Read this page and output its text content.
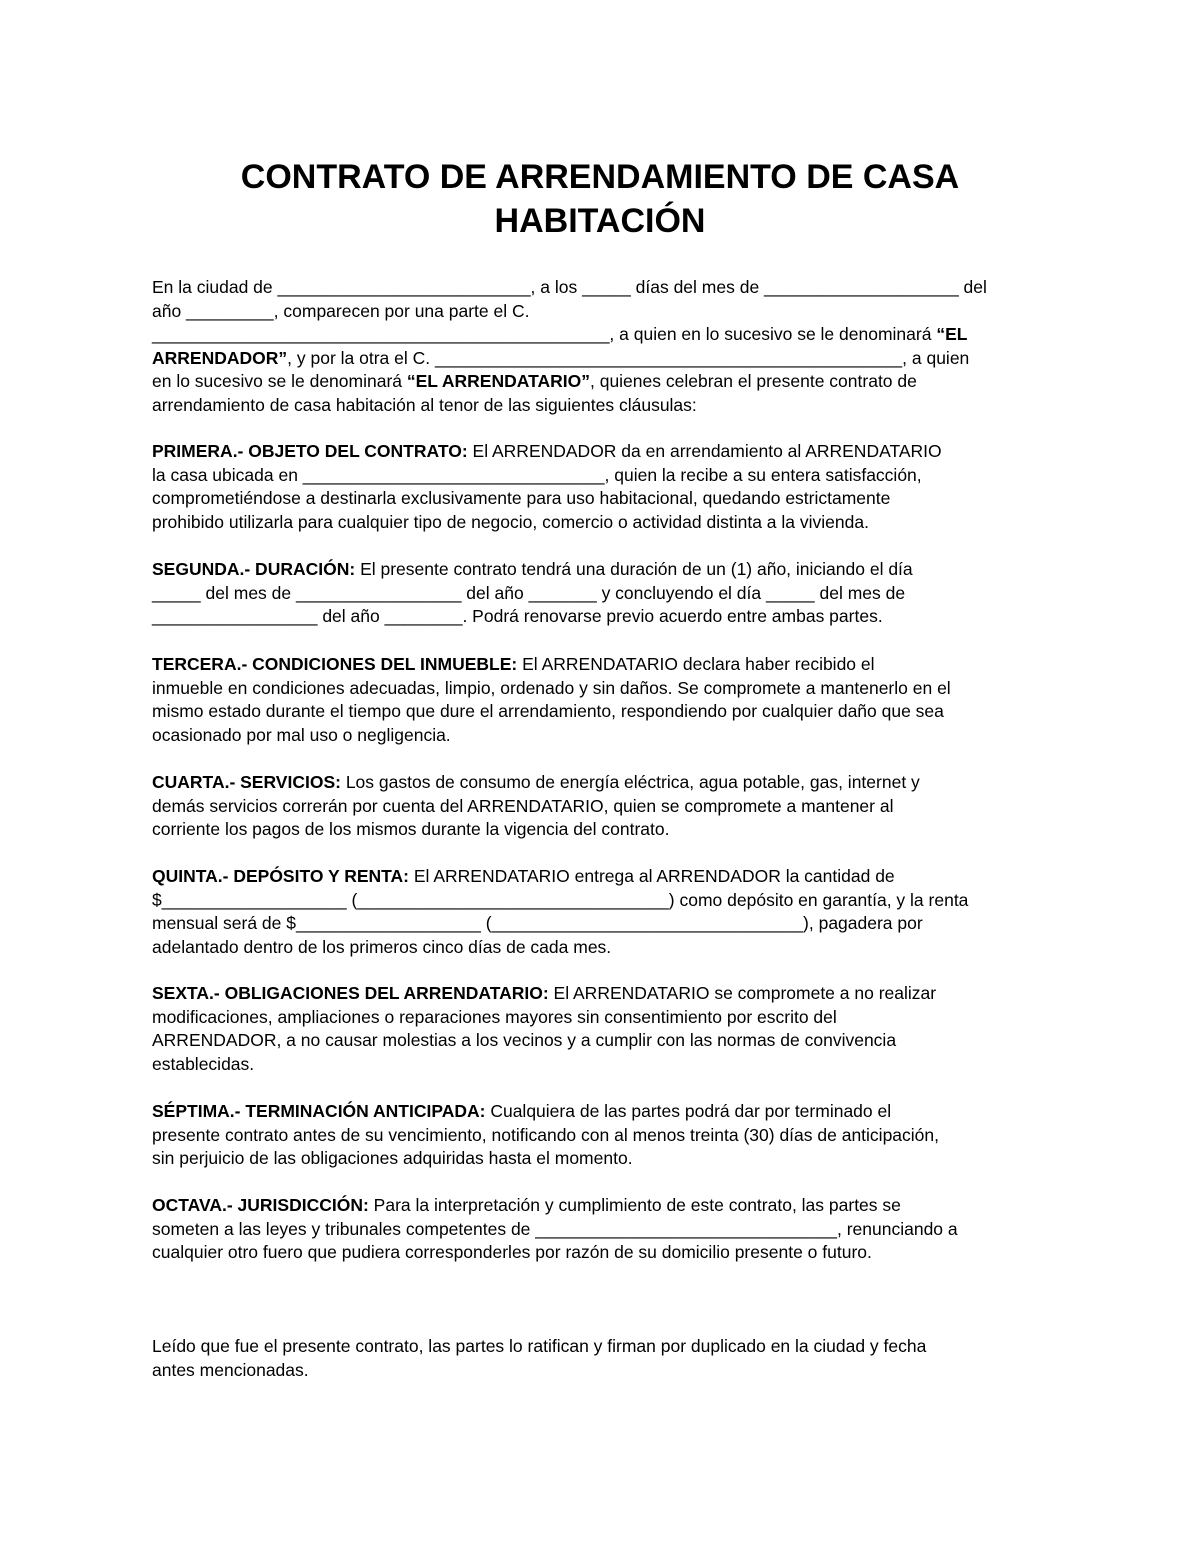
CONTRATO DE ARRENDAMIENTO DE CASA
HABITACIÓN

En la ciudad de __________________________, a los _____ días del mes de ____________________ del
año _________, comparecen por una parte el C.
_______________________________________________, a quien en lo sucesivo se le denominará “EL
ARRENDADOR”, y por la otra el C. ________________________________________________, a quien
en lo sucesivo se le denominará “EL ARRENDATARIO”, quienes celebran el presente contrato de
arrendamiento de casa habitación al tenor de las siguientes cláusulas:

PRIMERA.- OBJETO DEL CONTRATO: El ARRENDADOR da en arrendamiento al ARRENDATARIO
la casa ubicada en _______________________________, quien la recibe a su entera satisfacción,
comprometiéndose a destinarla exclusivamente para uso habitacional, quedando estrictamente
prohibido utilizarla para cualquier tipo de negocio, comercio o actividad distinta a la vivienda.

SEGUNDA.- DURACIÓN: El presente contrato tendrá una duración de un (1) año, iniciando el día
_____ del mes de _________________ del año _______ y concluyendo el día _____ del mes de
_________________ del año ________. Podrá renovarse previo acuerdo entre ambas partes.

TERCERA.- CONDICIONES DEL INMUEBLE: El ARRENDATARIO declara haber recibido el
inmueble en condiciones adecuadas, limpio, ordenado y sin daños. Se compromete a mantenerlo en el
mismo estado durante el tiempo que dure el arrendamiento, respondiendo por cualquier daño que sea
ocasionado por mal uso o negligencia.

CUARTA.- SERVICIOS: Los gastos de consumo de energía eléctrica, agua potable, gas, internet y
demás servicios correrán por cuenta del ARRENDATARIO, quien se compromete a mantener al
corriente los pagos de los mismos durante la vigencia del contrato.

QUINTA.- DEPÓSITO Y RENTA: El ARRENDATARIO entrega al ARRENDADOR la cantidad de
$___________________ (________________________________) como depósito en garantía, y la renta
mensual será de $___________________ (________________________________), pagadera por
adelantado dentro de los primeros cinco días de cada mes.

SEXTA.- OBLIGACIONES DEL ARRENDATARIO: El ARRENDATARIO se compromete a no realizar
modificaciones, ampliaciones o reparaciones mayores sin consentimiento por escrito del
ARRENDADOR, a no causar molestias a los vecinos y a cumplir con las normas de convivencia
establecidas.

SÉPTIMA.- TERMINACIÓN ANTICIPADA: Cualquiera de las partes podrá dar por terminado el
presente contrato antes de su vencimiento, notificando con al menos treinta (30) días de anticipación,
sin perjuicio de las obligaciones adquiridas hasta el momento.

OCTAVA.- JURISDICCIÓN: Para la interpretación y cumplimiento de este contrato, las partes se
someten a las leyes y tribunales competentes de _______________________________, renunciando a
cualquier otro fuero que pudiera corresponderles por razón de su domicilio presente o futuro.

Leído que fue el presente contrato, las partes lo ratifican y firman por duplicado en la ciudad y fecha
antes mencionadas.
